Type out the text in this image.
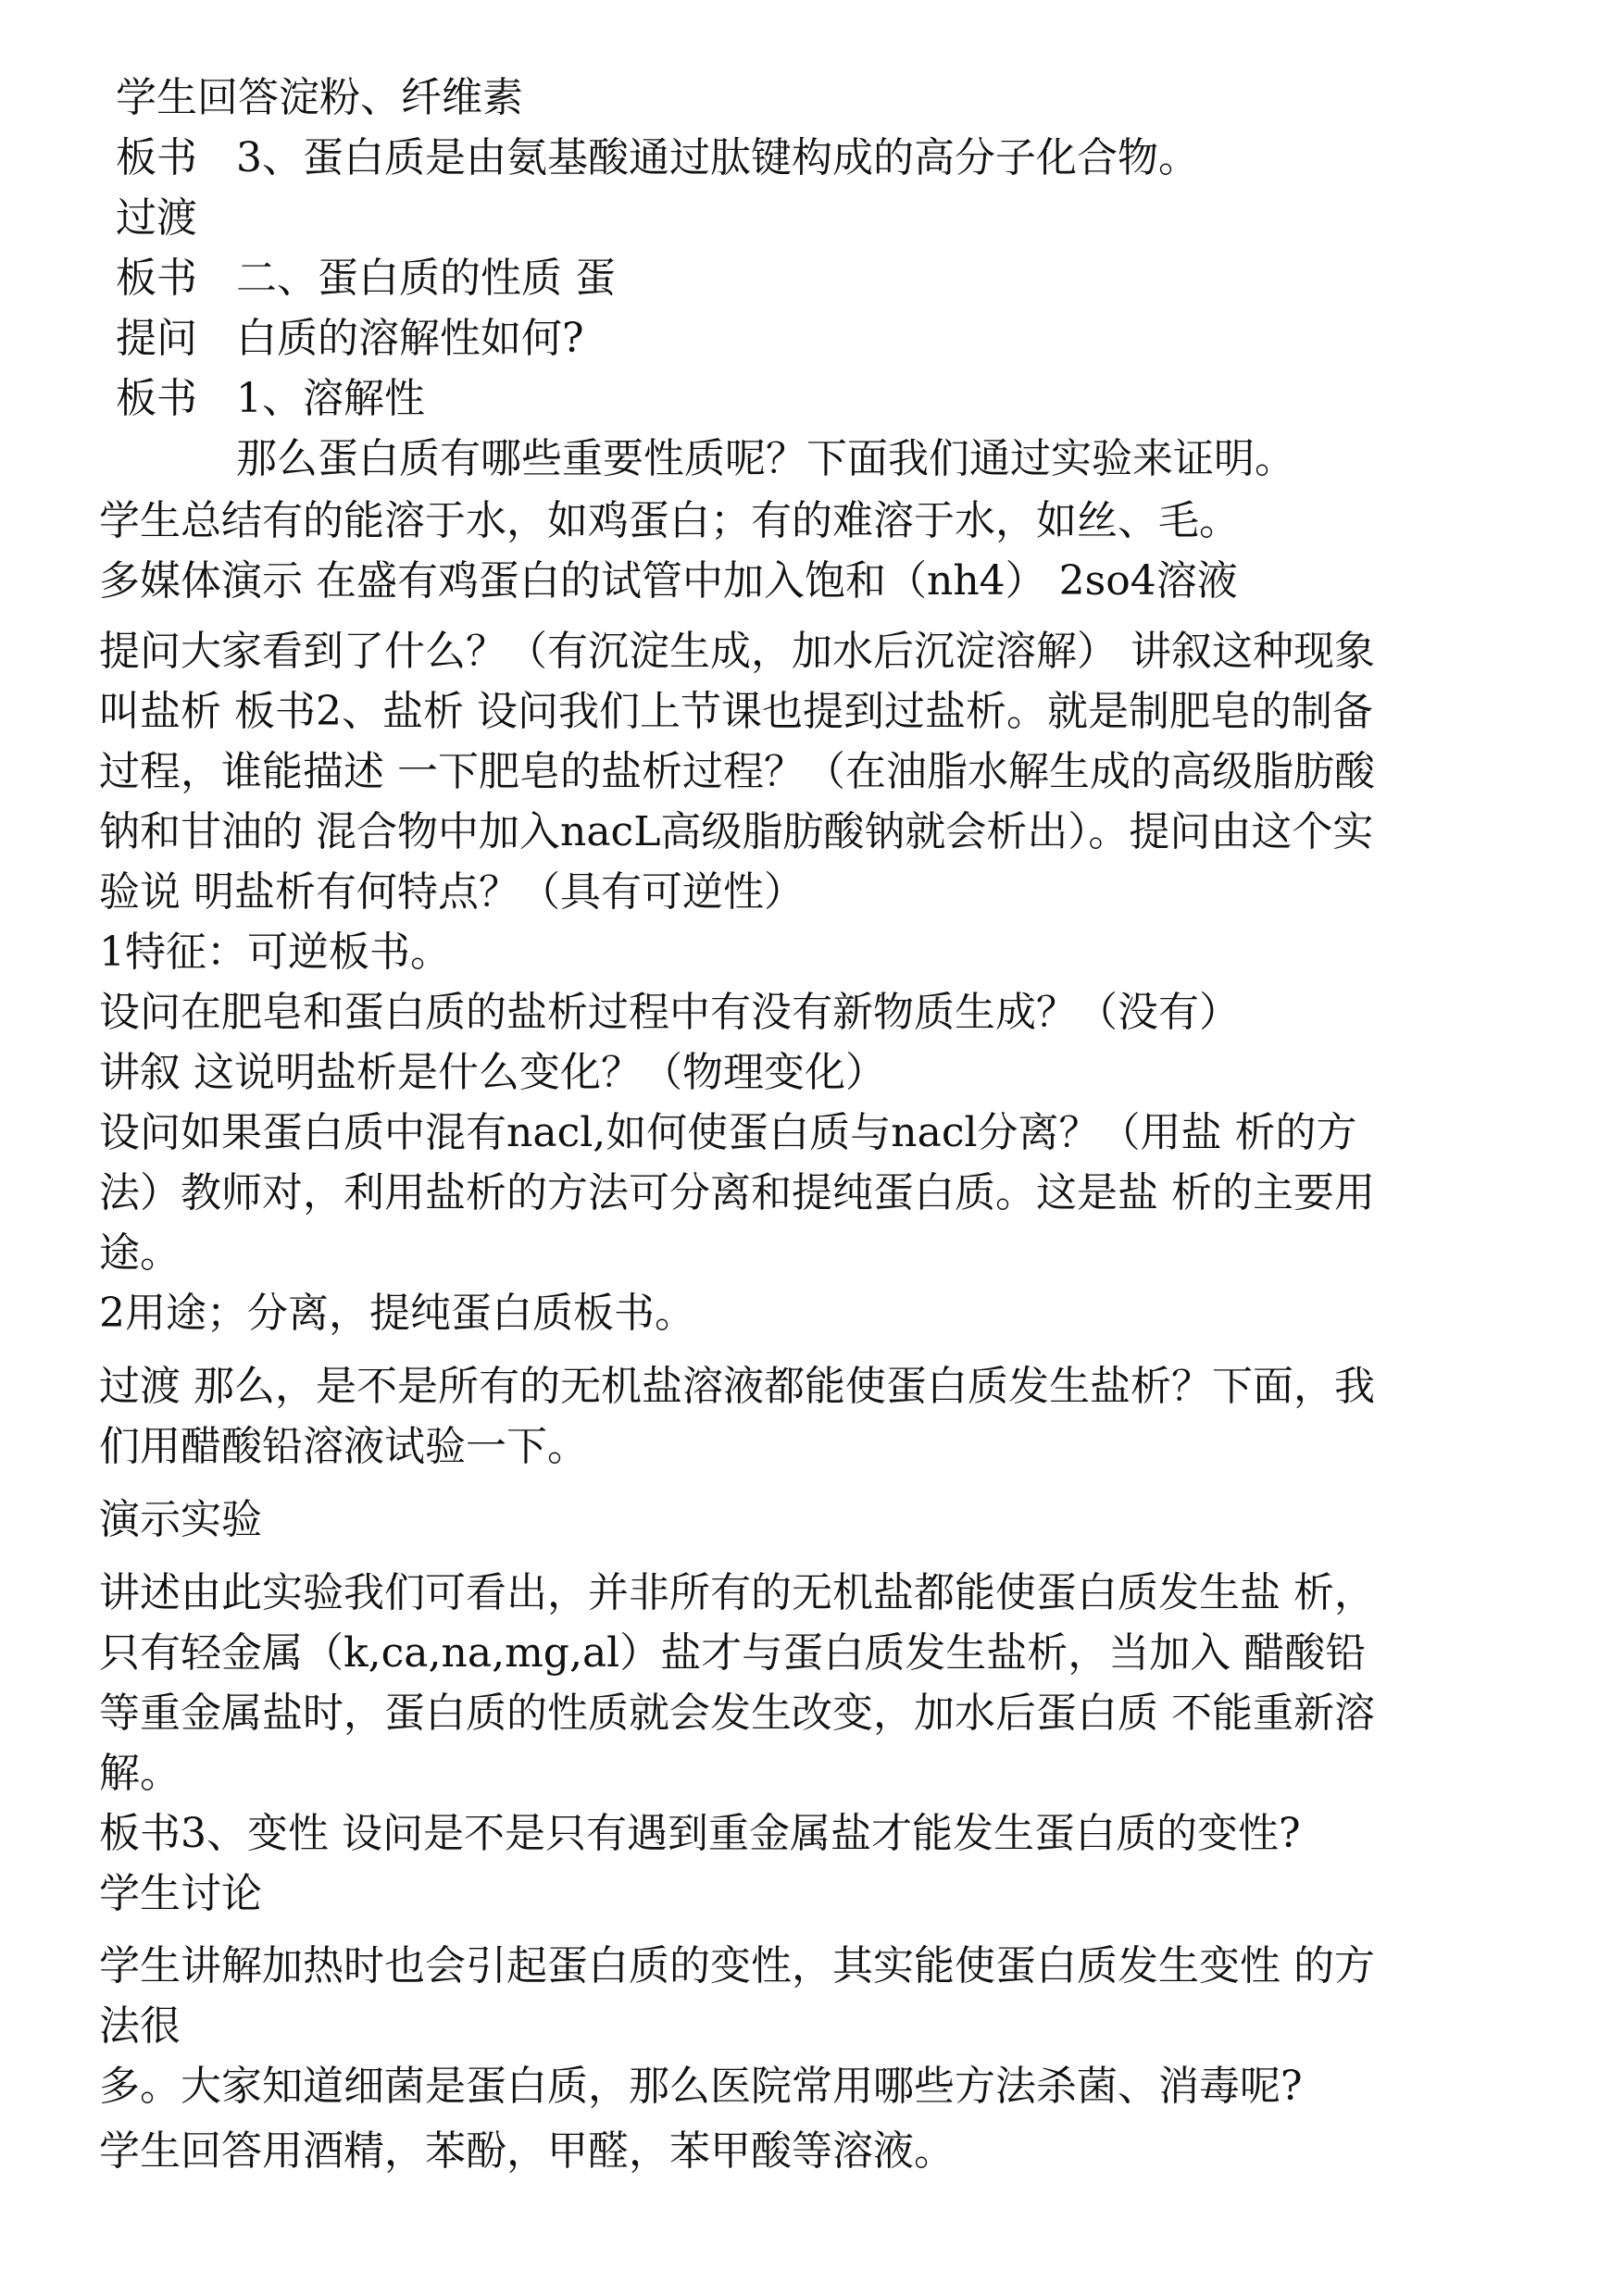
学生回答淀粉、纤维素
板书 3、蛋白质是由氨基酸通过肽键构成的高分子化合物。
过渡
板书 二、蛋白质的性质 蛋
提问 白质的溶解性如何?
板书 1、溶解性
那么蛋白质有哪些重要性质呢？下面我们通过实验来证明。
学生总结有的能溶于水，如鸡蛋白；有的难溶于水，如丝、毛。
多媒体演示 在盛有鸡蛋白的试管中加入饱和（nh4） 2so4溶液
提问大家看到了什么？（有沉淀生成，加水后沉淀溶解） 讲叙这种现象
叫盐析 板书2、盐析 设问我们上节课也提到过盐析。就是制肥皂的制备
过程，谁能描述 一下肥皂的盐析过程？（在油脂水解生成的高级脂肪酸
钠和甘油的 混合物中加入nacL高级脂肪酸钠就会析出）。提问由这个实
验说 明盐析有何特点？（具有可逆性）
1特征：可逆板书。
设问在肥皂和蛋白质的盐析过程中有没有新物质生成？（没有）
讲叙 这说明盐析是什么变化？（物理变化）
设问如果蛋白质中混有nacl,如何使蛋白质与nacl分离？（用盐 析的方
法）教师对，利用盐析的方法可分离和提纯蛋白质。这是盐 析的主要用
途。
2用途；分离，提纯蛋白质板书。
过渡 那么，是不是所有的无机盐溶液都能使蛋白质发生盐析？下面，我
们用醋酸铅溶液试验一下。
演示实验
讲述由此实验我们可看出，并非所有的无机盐都能使蛋白质发生盐 析，
只有轻金属（k,ca,na,mg,al）盐才与蛋白质发生盐析，当加入 醋酸铅
等重金属盐时，蛋白质的性质就会发生改变，加水后蛋白质 不能重新溶
解。
板书3、变性 设问是不是只有遇到重金属盐才能发生蛋白质的变性?
学生讨论
学生讲解加热时也会引起蛋白质的变性，其实能使蛋白质发生变性 的方
法很
多。大家知道细菌是蛋白质，那么医院常用哪些方法杀菌、消毒呢?
学生回答用酒精，苯酚，甲醛，苯甲酸等溶液。
